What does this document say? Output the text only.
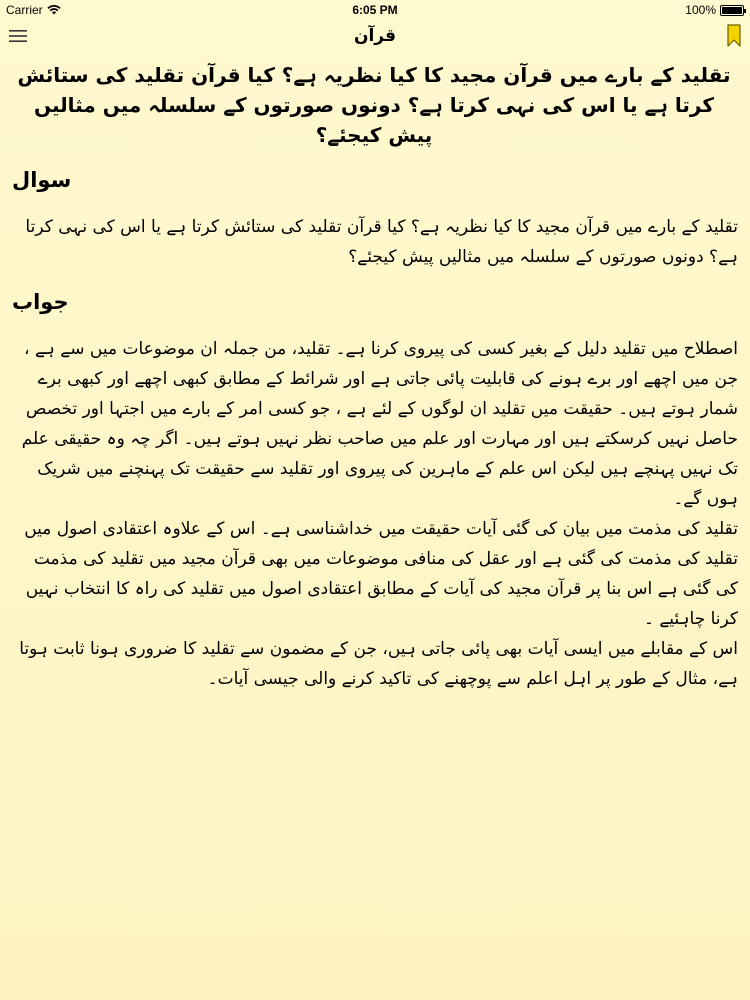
Carrier	6:05 PM	100%
قرآن
تقلید کے بارے میں قرآن مجید کا کیا نظریہ ہے؟ کیا قرآن تقلید کی ستائش کرتا ہے یا اس کی نہی کرتا ہے؟ دونوں صورتوں کے سلسلہ میں مثالیں پیش کیجئے؟
سوال
تقلید کے بارے میں قرآن مجید کا کیا نظریہ ہے؟ کیا قرآن تقلید کی ستائش کرتا ہے یا اس کی نہی کرتا ہے؟ دونوں صورتوں کے سلسلہ میں مثالیں پیش کیجئے؟
جواب
اصطلاح میں تقلید دلیل کے بغیر کسی کی پیروی کرنا ہے۔ تقلید، من جملہ ان موضوعات میں سے ہے ، جن میں اچھے اور برے ہونے کی قابلیت پائی جاتی ہے اور شرائط کے مطابق کبھی اچھے اور کبھی برے شمار ہوتے ہیں۔ حقیقت میں تقلید ان لوگوں کے لئے ہے ، جو کسی امر کے بارے میں اجتہا اور تخصص حاصل نہیں کرسکتے ہیں اور مہارت اور علم میں صاحب نظر نہیں ہوتے ہیں۔ اگر چہ وہ حقیقی علم تک نہیں پہنچے ہیں لیکن اس علم کے ماہرین کی پیروی اور تقلید سے حقیقت تک پہنچنے میں شریک ہوں گے۔
تقلید کی مذمت میں بیان کی گئی آیات حقیقت میں خداشناسی ہے۔ اس کے علاوہ اعتقادی اصول میں تقلید کی مذمت کی گئی ہے اور عقل کی منافی موضوعات میں بھی قرآن مجید میں تقلید کی مذمت کی گئی ہے اس بنا پر قرآن مجید کی آیات کے مطابق اعتقادی اصول میں تقلید کی راہ کا انتخاب نہیں کرنا چاہئیے ۔
اس کے مقابلے میں ایسی آیات بھی پائی جاتی ہیں، جن کے مضمون سے تقلید کا ضروری ہونا ثابت ہوتا ہے، مثال کے طور پر اہل اعلم سے پوچھنے کی تاکید کرنے والی جیسی آیات۔
